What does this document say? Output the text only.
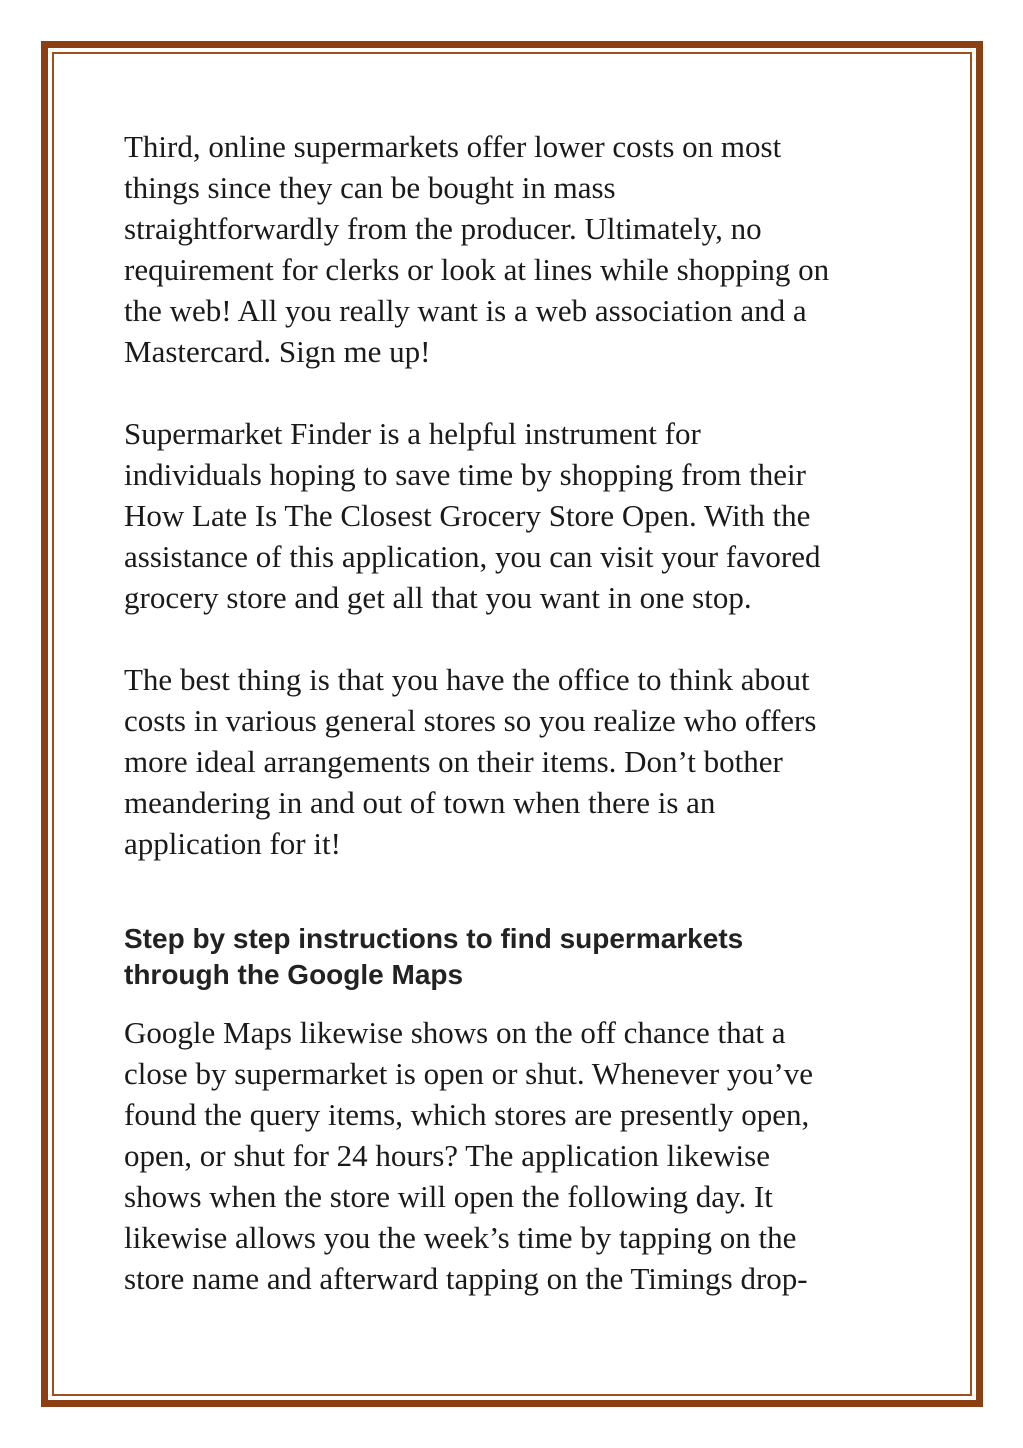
Third, online supermarkets offer lower costs on most
things since they can be bought in mass
straightforwardly from the producer. Ultimately, no
requirement for clerks or look at lines while shopping on
the web! All you really want is a web association and a
Mastercard. Sign me up!

Supermarket Finder is a helpful instrument for
individuals hoping to save time by shopping from their
How Late Is The Closest Grocery Store Open. With the
assistance of this application, you can visit your favored
grocery store and get all that you want in one stop.

The best thing is that you have the office to think about
costs in various general stores so you realize who offers
more ideal arrangements on their items. Don’t bother
meandering in and out of town when there is an
application for it!

Step by step instructions to find supermarkets
through the Google Maps

Google Maps likewise shows on the off chance that a
close by supermarket is open or shut. Whenever you’ve
found the query items, which stores are presently open,
open, or shut for 24 hours? The application likewise
shows when the store will open the following day. It
likewise allows you the week’s time by tapping on the
store name and afterward tapping on the Timings drop-
